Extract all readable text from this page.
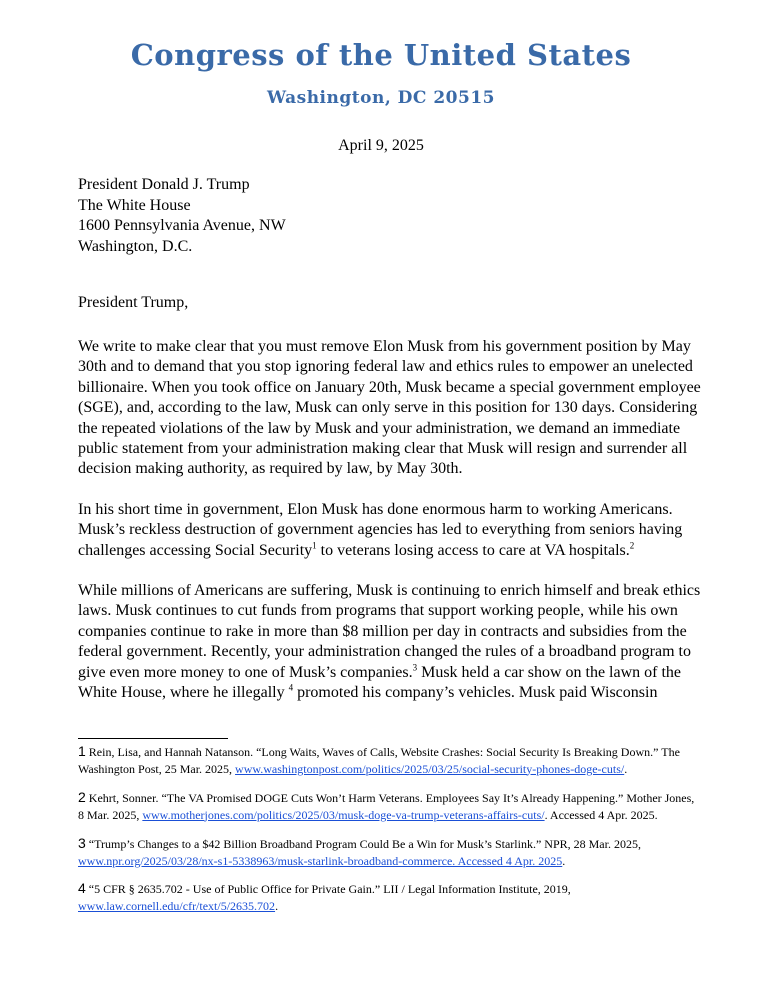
Congress of the United States
Washington, DC 20515
April 9, 2025
President Donald J. Trump
The White House
1600 Pennsylvania Avenue, NW
Washington, D.C.
President Trump,
We write to make clear that you must remove Elon Musk from his government position by May
30th and to demand that you stop ignoring federal law and ethics rules to empower an unelected
billionaire. When you took office on January 20th, Musk became a special government employee
(SGE), and, according to the law, Musk can only serve in this position for 130 days. Considering
the repeated violations of the law by Musk and your administration, we demand an immediate
public statement from your administration making clear that Musk will resign and surrender all
decision making authority, as required by law, by May 30th.
In his short time in government, Elon Musk has done enormous harm to working Americans.
Musk’s reckless destruction of government agencies has led to everything from seniors having
challenges accessing Social Security$^1$ to veterans losing access to care at VA hospitals.$^2$
While millions of Americans are suffering, Musk is continuing to enrich himself and break ethics
laws. Musk continues to cut funds from programs that support working people, while his own
companies continue to rake in more than $8 million per day in contracts and subsidies from the
federal government. Recently, your administration changed the rules of a broadband program to
give even more money to one of Musk’s companies.$^3$ Musk held a car show on the lawn of the
White House, where he illegally $^4$ promoted his company’s vehicles. Musk paid Wisconsin
1 Rein, Lisa, and Hannah Natanson. “Long Waits, Waves of Calls, Website Crashes: Social Security Is Breaking Down.” The
Washington Post, 25 Mar. 2025, www.washingtonpost.com/politics/2025/03/25/social-security-phones-doge-cuts/.
2 Kehrt, Sonner. “The VA Promised DOGE Cuts Won’t Harm Veterans. Employees Say It’s Already Happening.” Mother Jones,
8 Mar. 2025, www.motherjones.com/politics/2025/03/musk-doge-va-trump-veterans-affairs-cuts/. Accessed 4 Apr. 2025.
3 “Trump’s Changes to a $42 Billion Broadband Program Could Be a Win for Musk’s Starlink.” NPR, 28 Mar. 2025,
www.npr.org/2025/03/28/nx-s1-5338963/musk-starlink-broadband-commerce. Accessed 4 Apr. 2025.
4 “5 CFR § 2635.702 - Use of Public Office for Private Gain.” LII / Legal Information Institute, 2019,
www.law.cornell.edu/cfr/text/5/2635.702.
